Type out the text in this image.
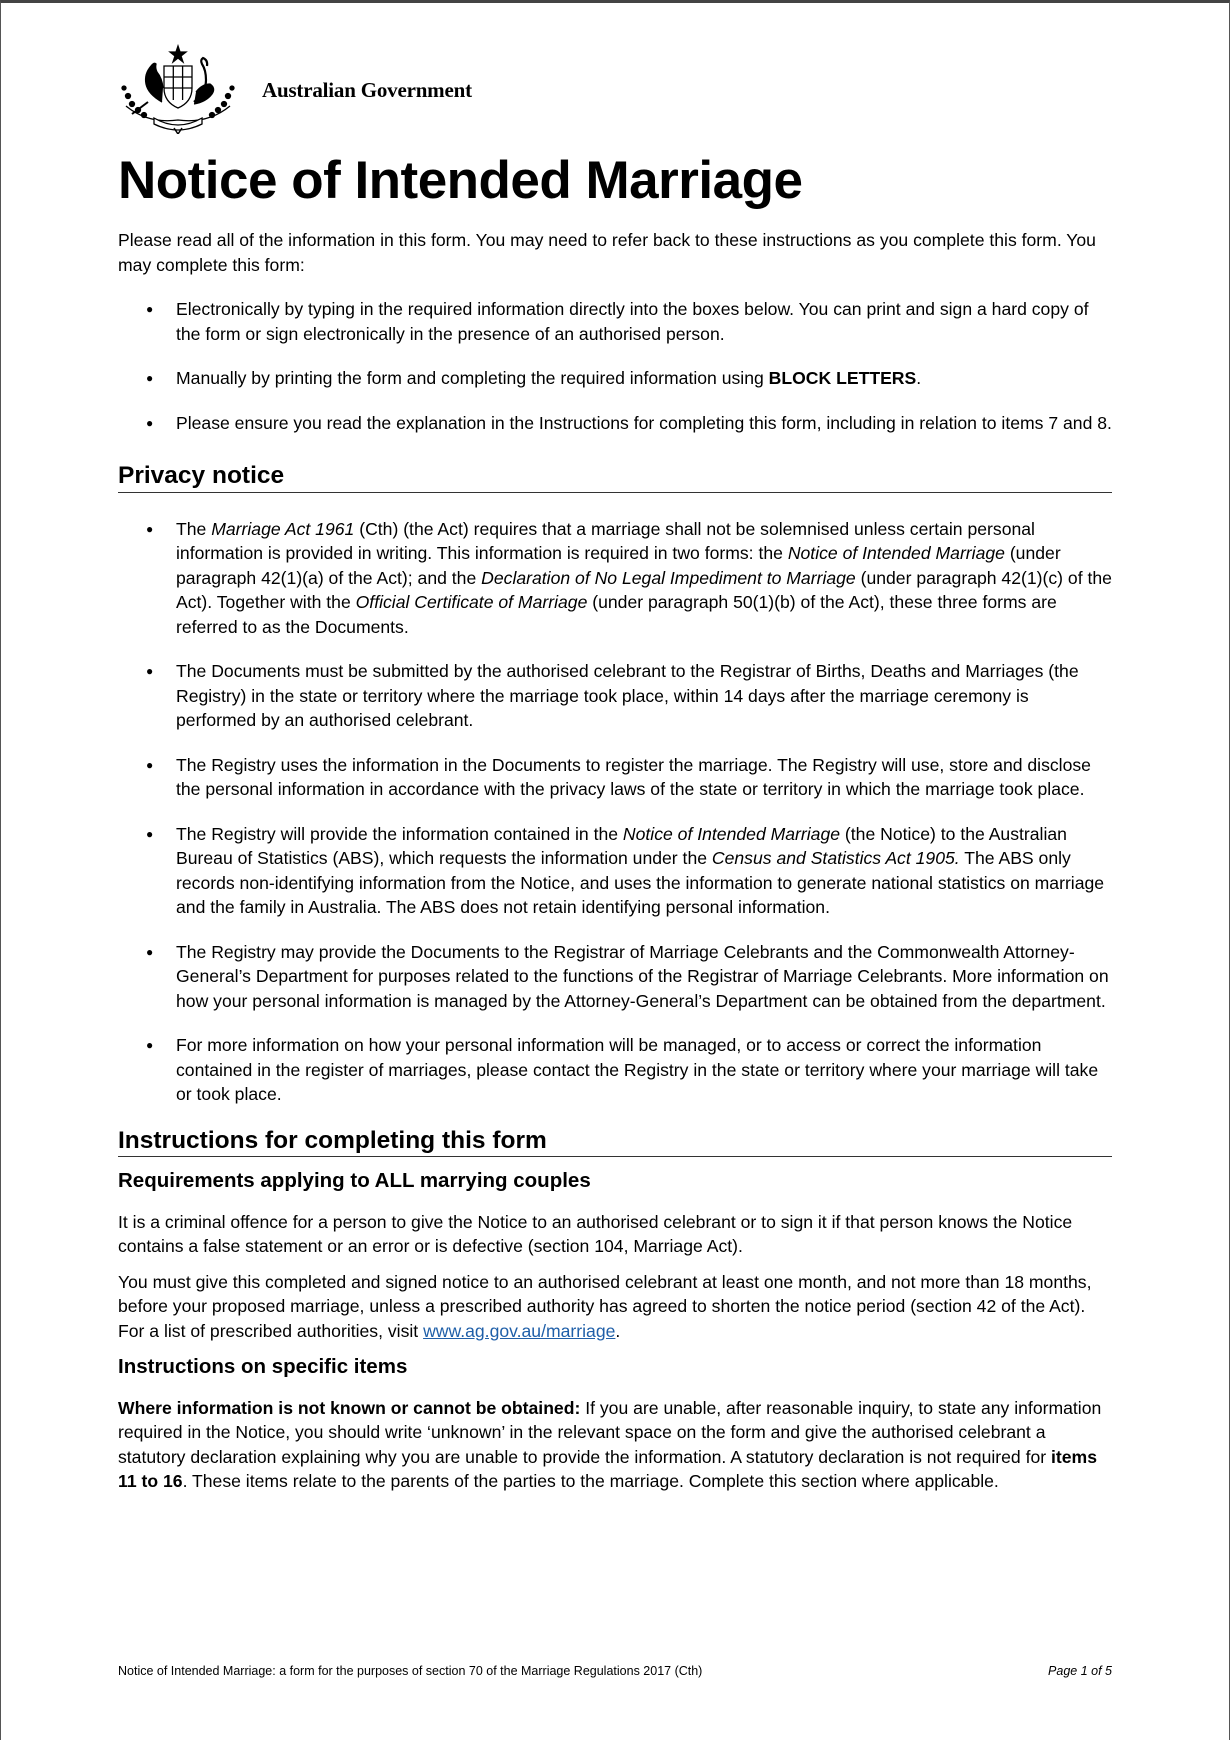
Australian Government
Notice of Intended Marriage

Please read all of the information in this form. You may need to refer back to these instructions as you complete this form. You may complete this form:

● Electronically by typing in the required information directly into the boxes below. You can print and sign a hard copy of the form or sign electronically in the presence of an authorised person.
● Manually by printing the form and completing the required information using BLOCK LETTERS.
● Please ensure you read the explanation in the Instructions for completing this form, including in relation to items 7 and 8.
Privacy notice
● The Marriage Act 1961 (Cth) (the Act) requires that a marriage shall not be solemnised unless certain personal information is provided in writing. This information is required in two forms: the Notice of Intended Marriage (under paragraph 42(1)(a) of the Act); and the Declaration of No Legal Impediment to Marriage (under paragraph 42(1)(c) of the Act). Together with the Official Certificate of Marriage (under paragraph 50(1)(b) of the Act), these three forms are referred to as the Documents.
● The Documents must be submitted by the authorised celebrant to the Registrar of Births, Deaths and Marriages (the Registry) in the state or territory where the marriage took place, within 14 days after the marriage ceremony is performed by an authorised celebrant.
● The Registry uses the information in the Documents to register the marriage. The Registry will use, store and disclose the personal information in accordance with the privacy laws of the state or territory in which the marriage took place.
● The Registry will provide the information contained in the Notice of Intended Marriage (the Notice) to the Australian Bureau of Statistics (ABS), which requests the information under the Census and Statistics Act 1905. The ABS only records non-identifying information from the Notice, and uses the information to generate national statistics on marriage and the family in Australia. The ABS does not retain identifying personal information.
● The Registry may provide the Documents to the Registrar of Marriage Celebrants and the Commonwealth Attorney-General’s Department for purposes related to the functions of the Registrar of Marriage Celebrants. More information on how your personal information is managed by the Attorney-General’s Department can be obtained from the department.
● For more information on how your personal information will be managed, or to access or correct the information contained in the register of marriages, please contact the Registry in the state or territory where your marriage will take or took place.
Instructions for completing this form
Requirements applying to ALL marrying couples

It is a criminal offence for a person to give the Notice to an authorised celebrant or to sign it if that person knows the Notice contains a false statement or an error or is defective (section 104, Marriage Act).

You must give this completed and signed notice to an authorised celebrant at least one month, and not more than 18 months, before your proposed marriage, unless a prescribed authority has agreed to shorten the notice period (section 42 of the Act). For a list of prescribed authorities, visit www.ag.gov.au/marriage.

Instructions on specific items

Where information is not known or cannot be obtained: If you are unable, after reasonable inquiry, to state any information required in the Notice, you should write ‘unknown’ in the relevant space on the form and give the authorised celebrant a statutory declaration explaining why you are unable to provide the information. A statutory declaration is not required for items 11 to 16. These items relate to the parents of the parties to the marriage. Complete this section where applicable.

Notice of Intended Marriage: a form for the purposes of section 70 of the Marriage Regulations 2017 (Cth)	Page 1 of 5
